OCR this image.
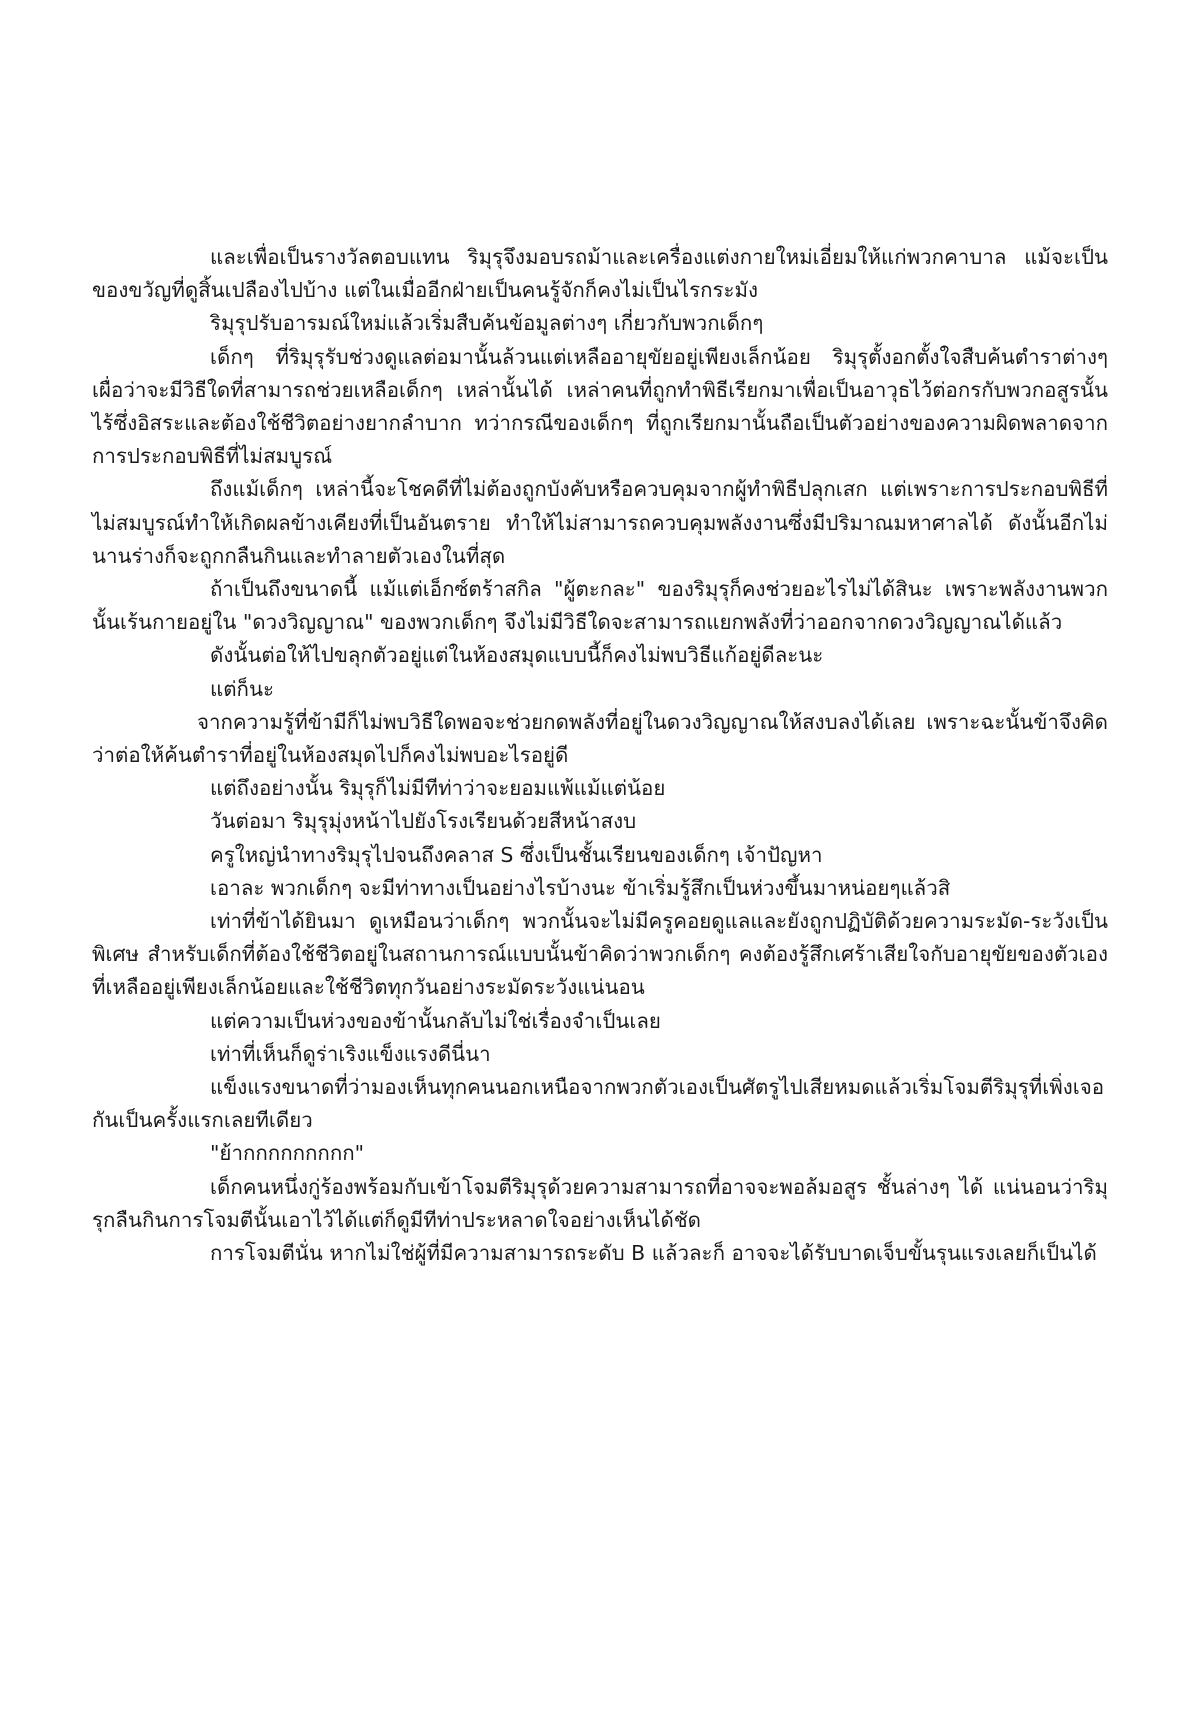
และเพื่อเป็นรางวัลตอบแทน ริมุรุจึงมอบรถม้าและเครื่องแต่งกายใหม่เอี่ยมให้แก่พวกคาบาล แม้จะเป็นของขวัญที่ดูสิ้นเปลืองไปบ้าง แต่ในเมื่ออีกฝ่ายเป็นคนรู้จักก็คงไม่เป็นไรกระมัง

ริมุรุปรับอารมณ์ใหม่แล้วเริ่มสืบค้นข้อมูลต่างๆ เกี่ยวกับพวกเด็กๆ

เด็กๆ ที่ริมุรุรับช่วงดูแลต่อมานั้นล้วนแต่เหลืออายุขัยอยู่เพียงเล็กน้อย ริมุรุตั้งอกตั้งใจสืบค้นตำราต่างๆ เผื่อว่าจะมีวิธีใดที่สามารถช่วยเหลือเด็กๆ เหล่านั้นได้ เหล่าคนที่ถูกทำพิธีเรียกมาเพื่อเป็นอาวุธไว้ต่อกรกับพวกอสูรนั้นไร้ซึ่งอิสระและต้องใช้ชีวิตอย่างยากลำบาก ทว่ากรณีของเด็กๆ ที่ถูกเรียกมานั้นถือเป็นตัวอย่างของความผิดพลาดจากการประกอบพิธีที่ไม่สมบูรณ์

ถึงแม้เด็กๆ เหล่านี้จะโชคดีที่ไม่ต้องถูกบังคับหรือควบคุมจากผู้ทำพิธีปลุกเสก แต่เพราะการประกอบพิธีที่ไม่สมบูรณ์ทำให้เกิดผลข้างเคียงที่เป็นอันตราย ทำให้ไม่สามารถควบคุมพลังงานซึ่งมีปริมาณมหาศาลได้ ดังนั้นอีกไม่นานร่างก็จะถูกกลืนกินและทำลายตัวเองในที่สุด

ถ้าเป็นถึงขนาดนี้ แม้แต่เอ็กซ์ตร้าสกิล "ผู้ตะกละ" ของริมุรุก็คงช่วยอะไรไม่ได้สินะ เพราะพลังงานพวกนั้นเร้นกายอยู่ใน "ดวงวิญญาณ" ของพวกเด็กๆ จึงไม่มีวิธีใดจะสามารถแยกพลังที่ว่าออกจากดวงวิญญาณได้แล้ว

ดังนั้นต่อให้ไปขลุกตัวอยู่แต่ในห้องสมุดแบบนี้ก็คงไม่พบวิธีแก้อยู่ดีละนะ

แต่ก็นะ

จากความรู้ที่ข้ามีก็ไม่พบวิธีใดพอจะช่วยกดพลังที่อยู่ในดวงวิญญาณให้สงบลงได้เลย เพราะฉะนั้นข้าจึงคิดว่าต่อให้ค้นตำราที่อยู่ในห้องสมุดไปก็คงไม่พบอะไรอยู่ดี

แต่ถึงอย่างนั้น ริมุรุก็ไม่มีทีท่าว่าจะยอมแพ้แม้แต่น้อย

วันต่อมา ริมุรุมุ่งหน้าไปยังโรงเรียนด้วยสีหน้าสงบ

ครูใหญ่นำทางริมุรุไปจนถึงคลาส S ซึ่งเป็นชั้นเรียนของเด็กๆ เจ้าปัญหา

เอาละ พวกเด็กๆ จะมีท่าทางเป็นอย่างไรบ้างนะ ข้าเริ่มรู้สึกเป็นห่วงขึ้นมาหน่อยๆแล้วสิ

เท่าที่ข้าได้ยินมา ดูเหมือนว่าเด็กๆ พวกนั้นจะไม่มีครูคอยดูแลและยังถูกปฏิบัติด้วยความระมัด-ระวังเป็นพิเศษ สำหรับเด็กที่ต้องใช้ชีวิตอยู่ในสถานการณ์แบบนั้นข้าคิดว่าพวกเด็กๆ คงต้องรู้สึกเศร้าเสียใจกับอายุขัยของตัวเองที่เหลืออยู่เพียงเล็กน้อยและใช้ชีวิตทุกวันอย่างระมัดระวังแน่นอน

แต่ความเป็นห่วงของข้านั้นกลับไม่ใช่เรื่องจำเป็นเลย

เท่าที่เห็นก็ดูร่าเริงแข็งแรงดีนี่นา

แข็งแรงขนาดที่ว่ามองเห็นทุกคนนอกเหนือจากพวกตัวเองเป็นศัตรูไปเสียหมดแล้วเริ่มโจมตีริมุรุที่เพิ่งเจอกันเป็นครั้งแรกเลยทีเดียว

"ย้ากกกกกกกกก"

เด็กคนหนึ่งกู่ร้องพร้อมกับเข้าโจมตีริมุรุด้วยความสามารถที่อาจจะพอล้มอสูร ชั้นล่างๆ ได้ แน่นอนว่าริมุรุกลืนกินการโจมตีนั้นเอาไว้ได้แต่ก็ดูมีทีท่าประหลาดใจอย่างเห็นได้ชัด

การโจมตีนั่น หากไม่ใช่ผู้ที่มีความสามารถระดับ B แล้วละก็ อาจจะได้รับบาดเจ็บขั้นรุนแรงเลยก็เป็นได้
